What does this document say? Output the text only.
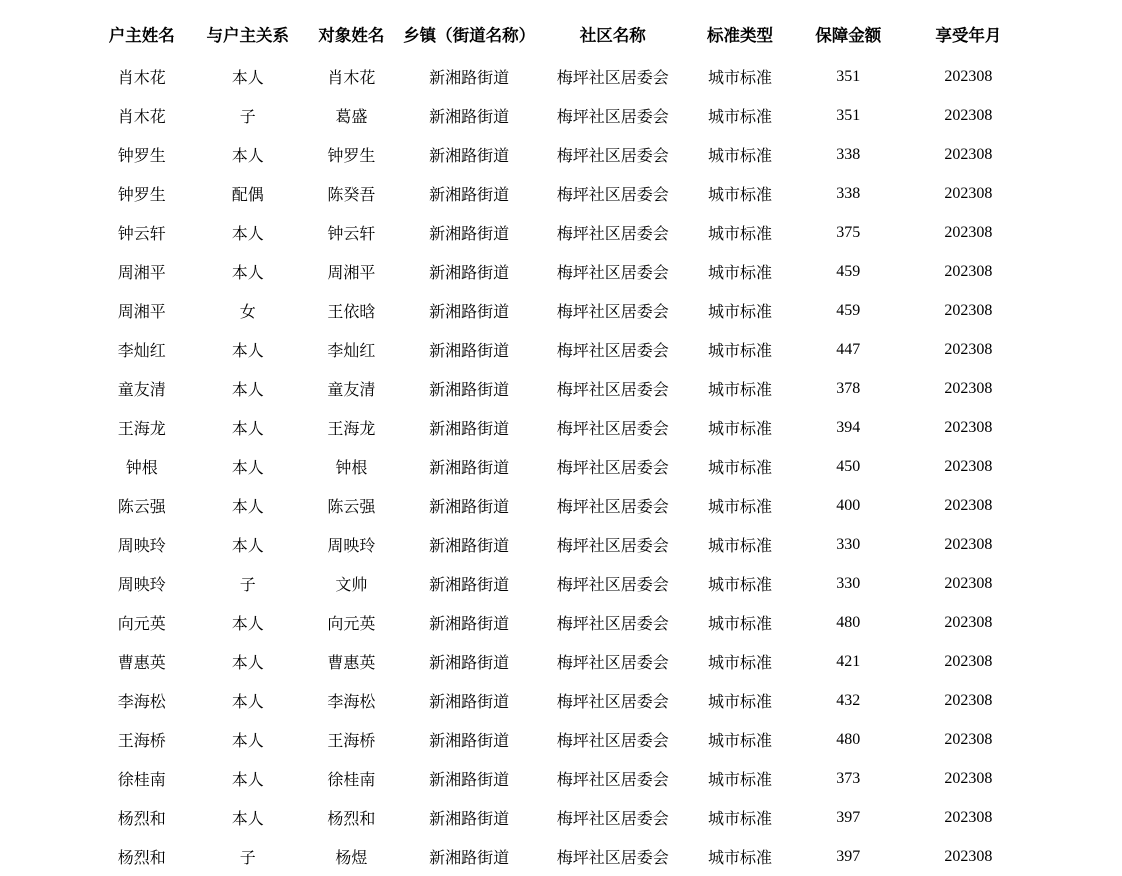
户主姓名	与户主关系	对象姓名	乡镇（街道名称）	社区名称	标准类型	保障金额	享受年月
肖木花	本人	肖木花	新湘路街道	梅坪社区居委会	城市标准	351	202308
肖木花	子	葛盛	新湘路街道	梅坪社区居委会	城市标准	351	202308
钟罗生	本人	钟罗生	新湘路街道	梅坪社区居委会	城市标准	338	202308
钟罗生	配偶	陈癸吾	新湘路街道	梅坪社区居委会	城市标准	338	202308
钟云轩	本人	钟云轩	新湘路街道	梅坪社区居委会	城市标准	375	202308
周湘平	本人	周湘平	新湘路街道	梅坪社区居委会	城市标准	459	202308
周湘平	女	王依晗	新湘路街道	梅坪社区居委会	城市标准	459	202308
李灿红	本人	李灿红	新湘路街道	梅坪社区居委会	城市标准	447	202308
童友清	本人	童友清	新湘路街道	梅坪社区居委会	城市标准	378	202308
王海龙	本人	王海龙	新湘路街道	梅坪社区居委会	城市标准	394	202308
钟根	本人	钟根	新湘路街道	梅坪社区居委会	城市标准	450	202308
陈云强	本人	陈云强	新湘路街道	梅坪社区居委会	城市标准	400	202308
周映玲	本人	周映玲	新湘路街道	梅坪社区居委会	城市标准	330	202308
周映玲	子	文帅	新湘路街道	梅坪社区居委会	城市标准	330	202308
向元英	本人	向元英	新湘路街道	梅坪社区居委会	城市标准	480	202308
曹惠英	本人	曹惠英	新湘路街道	梅坪社区居委会	城市标准	421	202308
李海松	本人	李海松	新湘路街道	梅坪社区居委会	城市标准	432	202308
王海桥	本人	王海桥	新湘路街道	梅坪社区居委会	城市标准	480	202308
徐桂南	本人	徐桂南	新湘路街道	梅坪社区居委会	城市标准	373	202308
杨烈和	本人	杨烈和	新湘路街道	梅坪社区居委会	城市标准	397	202308
杨烈和	子	杨煜	新湘路街道	梅坪社区居委会	城市标准	397	202308
